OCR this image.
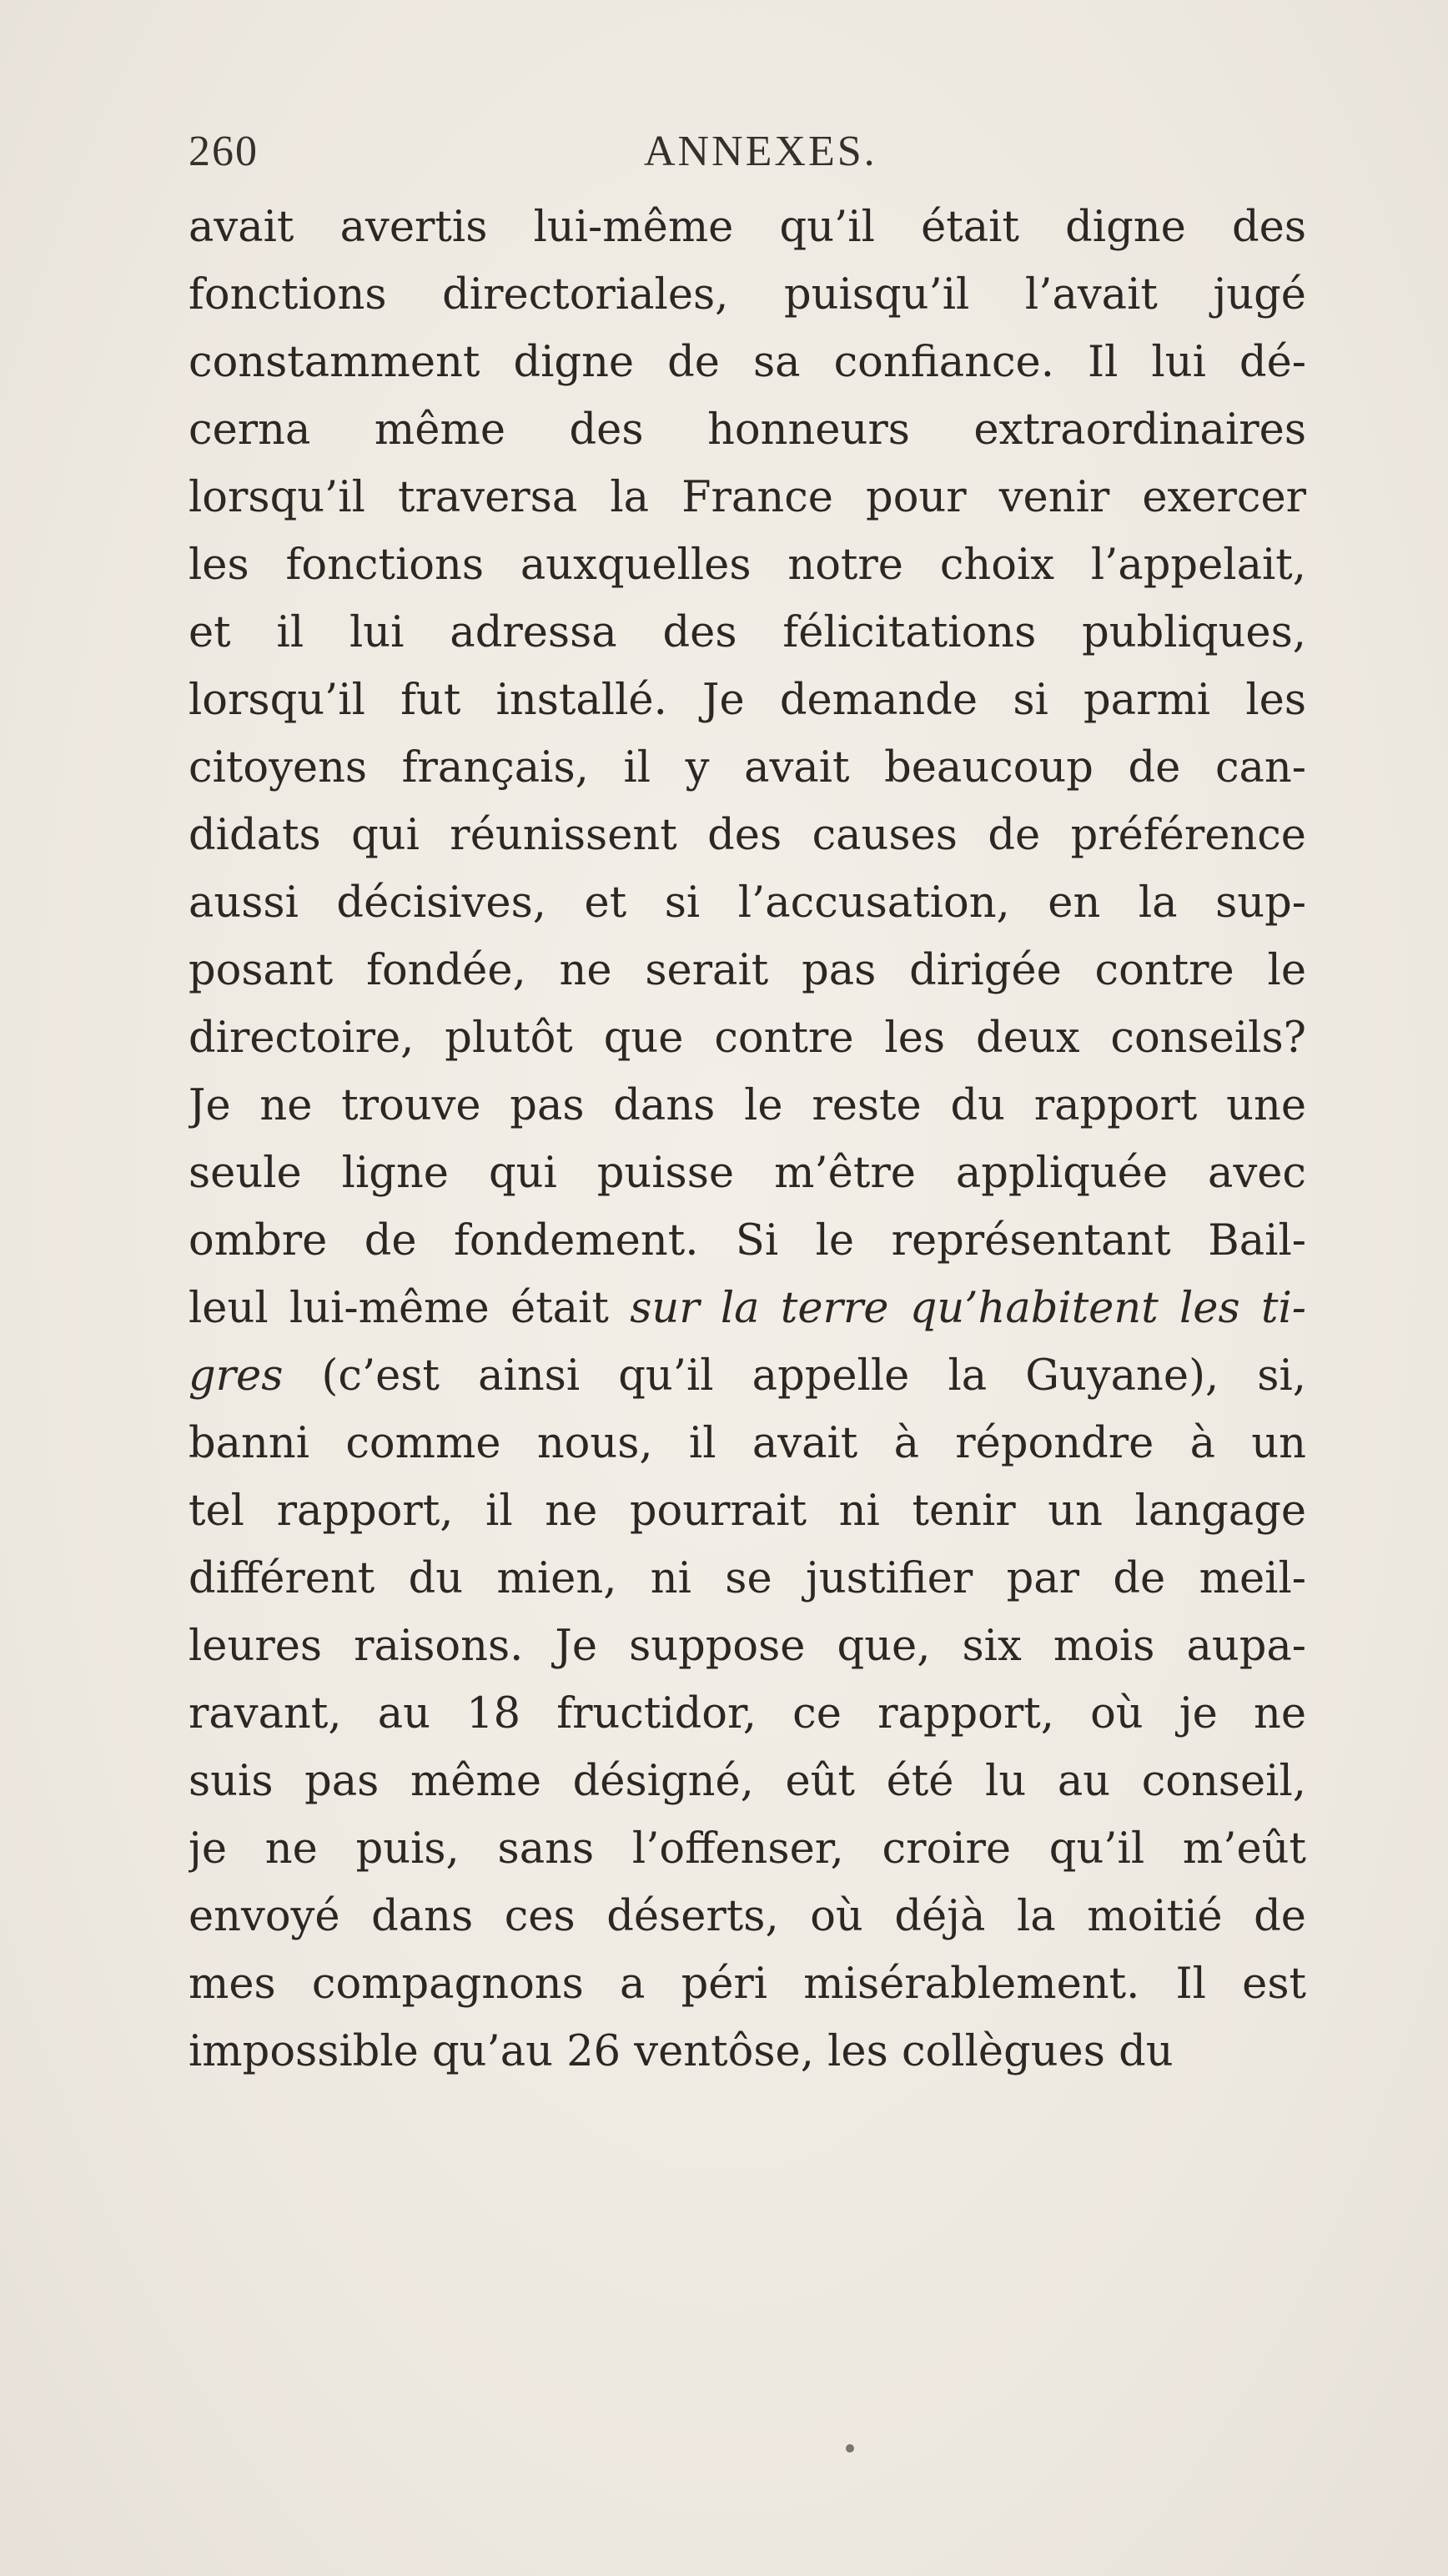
260	ANNEXES.
avait avertis lui-même qu’il était digne des
fonctions directoriales, puisqu’il l’avait jugé
constamment digne de sa confiance. Il lui dé-
cerna même des honneurs extraordinaires
lorsqu’il traversa la France pour venir exercer
les fonctions auxquelles notre choix l’appelait,
et il lui adressa des félicitations publiques,
lorsqu’il fut installé. Je demande si parmi les
citoyens français, il y avait beaucoup de can-
didats qui réunissent des causes de préférence
aussi décisives, et si l’accusation, en la sup-
posant fondée, ne serait pas dirigée contre le
directoire, plutôt que contre les deux conseils?
Je ne trouve pas dans le reste du rapport une
seule ligne qui puisse m’être appliquée avec
ombre de fondement. Si le représentant Bail-
leul lui-même était sur la terre qu’habitent les ti-
gres (c’est ainsi qu’il appelle la Guyane), si,
banni comme nous, il avait à répondre à un
tel rapport, il ne pourrait ni tenir un langage
différent du mien, ni se justifier par de meil-
leures raisons. Je suppose que, six mois aupa-
ravant, au 18 fructidor, ce rapport, où je ne
suis pas même désigné, eût été lu au conseil,
je ne puis, sans l’offenser, croire qu’il m’eût
envoyé dans ces déserts, où déjà la moitié de
mes compagnons a péri misérablement. Il est
impossible qu’au 26 ventôse, les collègues du
